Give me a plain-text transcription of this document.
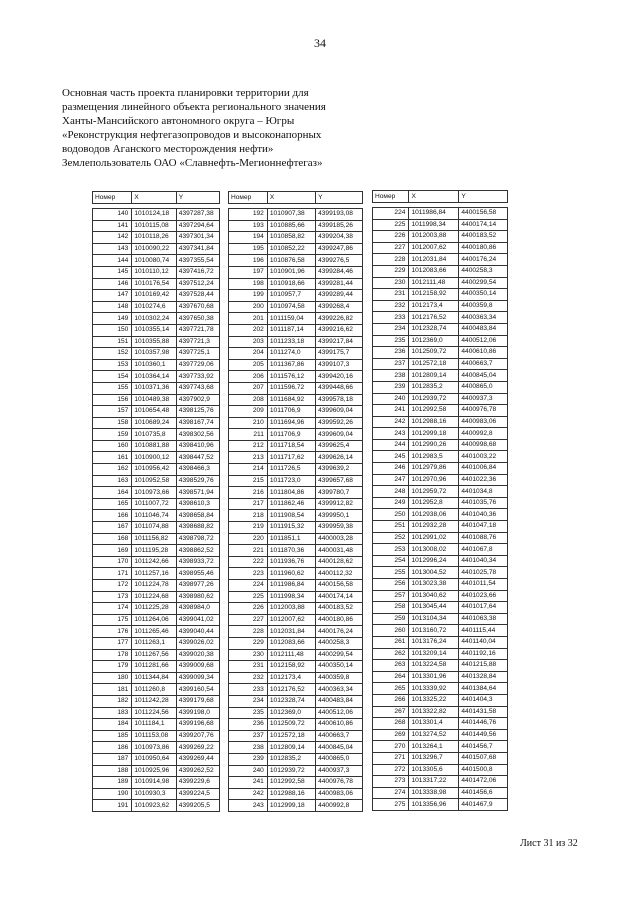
34
Основная часть проекта планировки территории для
размещения линейного объекта регионального значения
Ханты-Мансийского автономного округа – Югры
«Реконструкция нефтегазопроводов и высоконапорных
водоводов Аганского месторождения нефти»
Землепользователь ОАО «Славнефть-Мегионнефтегаз»
Номер	X	Y

140	1010124,18	4397287,38
141	1010115,08	4397294,64
142	1010118,26	4397301,34
143	1010090,22	4397341,84
144	1010080,74	4397355,54
145	1010110,12	4397416,72
146	1010176,54	4397512,24
147	1010169,42	4397528,44
148	1010274,6	4397670,68
149	1010302,24	4397650,38
150	1010355,14	4397721,78
151	1010355,88	4397721,3
152	1010357,98	4397725,1
153	1010360,1	4397729,06
154	1010364,14	4397733,92
155	1010371,36	4397743,68
156	1010489,38	4397902,9
157	1010654,48	4398125,76
158	1010689,24	4398167,74
159	1010735,8	4398302,56
160	1010881,88	4398410,96
161	1010900,12	4398447,52
162	1010956,42	4398466,3
163	1010952,58	4398529,76
164	1010973,66	4398571,94
165	1011007,72	4398610,3
166	1011046,74	4398658,84
167	1011074,88	4398688,82
168	1011156,82	4398798,72
169	1011195,28	4398862,52
170	1011242,66	4398933,72
171	1011257,16	4398955,46
172	1011224,78	4398977,26
173	1011224,68	4398980,62
174	1011225,28	4398984,0
175	1011264,06	4399041,02
176	1011265,46	4399040,44
177	1011263,1	4399026,02
178	1011267,56	4399020,38
179	1011281,66	4399009,68
180	1011344,84	4399099,34
181	1011260,8	4399160,54
182	1011242,28	4399179,68
183	1011224,56	4399198,0
184	1011184,1	4399196,68
185	1011153,08	4399207,76
186	1010973,86	4399269,22
187	1010950,64	4399269,44
188	1010925,96	4399262,52
189	1010914,98	4399229,6
190	1010930,3	4399224,5
191	1010923,62	4399205,5
Номер	X	Y

192	1010907,38	4399193,08
193	1010885,66	4399185,26
194	1010858,82	4399204,38
195	1010852,22	4399247,86
196	1010876,58	4399276,5
197	1010901,96	4399284,46
198	1010918,66	4399281,44
199	1010957,7	4399289,44
200	1010974,58	4399268,4
201	1011159,04	4399226,82
202	1011187,14	4399216,62
203	1011233,18	4399217,84
204	1011274,0	4399175,7
205	1011367,86	4399107,3
206	1011576,12	4399420,16
207	1011596,72	4399448,66
208	1011684,92	4399578,18
209	1011706,9	4399609,04
210	1011694,96	4399592,26
211	1011706,9	4399609,04
212	1011718,54	4399625,4
213	1011717,62	4399626,14
214	1011726,5	4399639,2
215	1011723,0	4399657,68
216	1011804,86	4399780,7
217	1011862,46	4399912,82
218	1011908,54	4399950,1
219	1011915,32	4399959,38
220	1011851,1	4400003,28
221	1011870,36	4400031,48
222	1011936,76	4400128,62
223	1011960,62	4400112,32
224	1011986,84	4400156,58
225	1011998,34	4400174,14
226	1012003,88	4400183,52
227	1012007,62	4400180,86
228	1012031,84	4400176,24
229	1012083,66	4400258,3
230	1012111,48	4400299,54
231	1012158,92	4400350,14
232	1012173,4	4400359,8
233	1012176,52	4400363,34
234	1012328,74	4400483,84
235	1012369,0	4400512,06
236	1012509,72	4400610,86
237	1012572,18	4400663,7
238	1012809,14	4400845,04
239	1012835,2	4400865,0
240	1012939,72	4400937,3
241	1012992,58	4400976,78
242	1012988,16	4400983,06
243	1012999,18	4400992,8
Номер	X	Y

224	1011986,84	4400156,58
225	1011998,34	4400174,14
226	1012003,88	4400183,52
227	1012007,62	4400180,86
228	1012031,84	4400176,24
229	1012083,66	4400258,3
230	1012111,48	4400299,54
231	1012158,92	4400350,14
232	1012173,4	4400359,8
233	1012176,52	4400363,34
234	1012328,74	4400483,84
235	1012369,0	4400512,06
236	1012509,72	4400610,86
237	1012572,18	4400663,7
238	1012809,14	4400845,04
239	1012835,2	4400865,0
240	1012939,72	4400937,3
241	1012992,58	4400976,78
242	1012988,16	4400983,06
243	1012999,18	4400992,8
244	1012990,26	4400998,68
245	1012983,5	4401003,22
246	1012979,86	4401006,84
247	1012970,96	4401022,36
248	1012959,72	4401034,8
249	1012952,8	4401035,76
250	1012938,06	4401040,36
251	1012932,28	4401047,18
252	1012991,02	4401088,76
253	1013008,02	4401067,8
254	1012996,24	4401040,34
255	1013004,52	4401025,78
256	1013023,38	4401011,54
257	1013040,62	4401023,66
258	1013045,44	4401017,64
259	1013104,34	4401063,38
260	1013160,72	4401115,44
261	1013176,24	4401140,04
262	1013209,14	4401192,16
263	1013224,58	4401215,88
264	1013301,96	4401328,84
265	1013339,92	4401384,64
266	1013325,22	4401404,3
267	1013322,82	4401431,58
268	1013301,4	4401446,76
269	1013274,52	4401449,56
270	1013264,1	4401456,7
271	1013296,7	4401507,68
272	1013305,6	4401500,8
273	1013317,22	4401472,06
274	1013338,98	4401456,6
275	1013356,96	4401467,9
Лист 31 из 32
